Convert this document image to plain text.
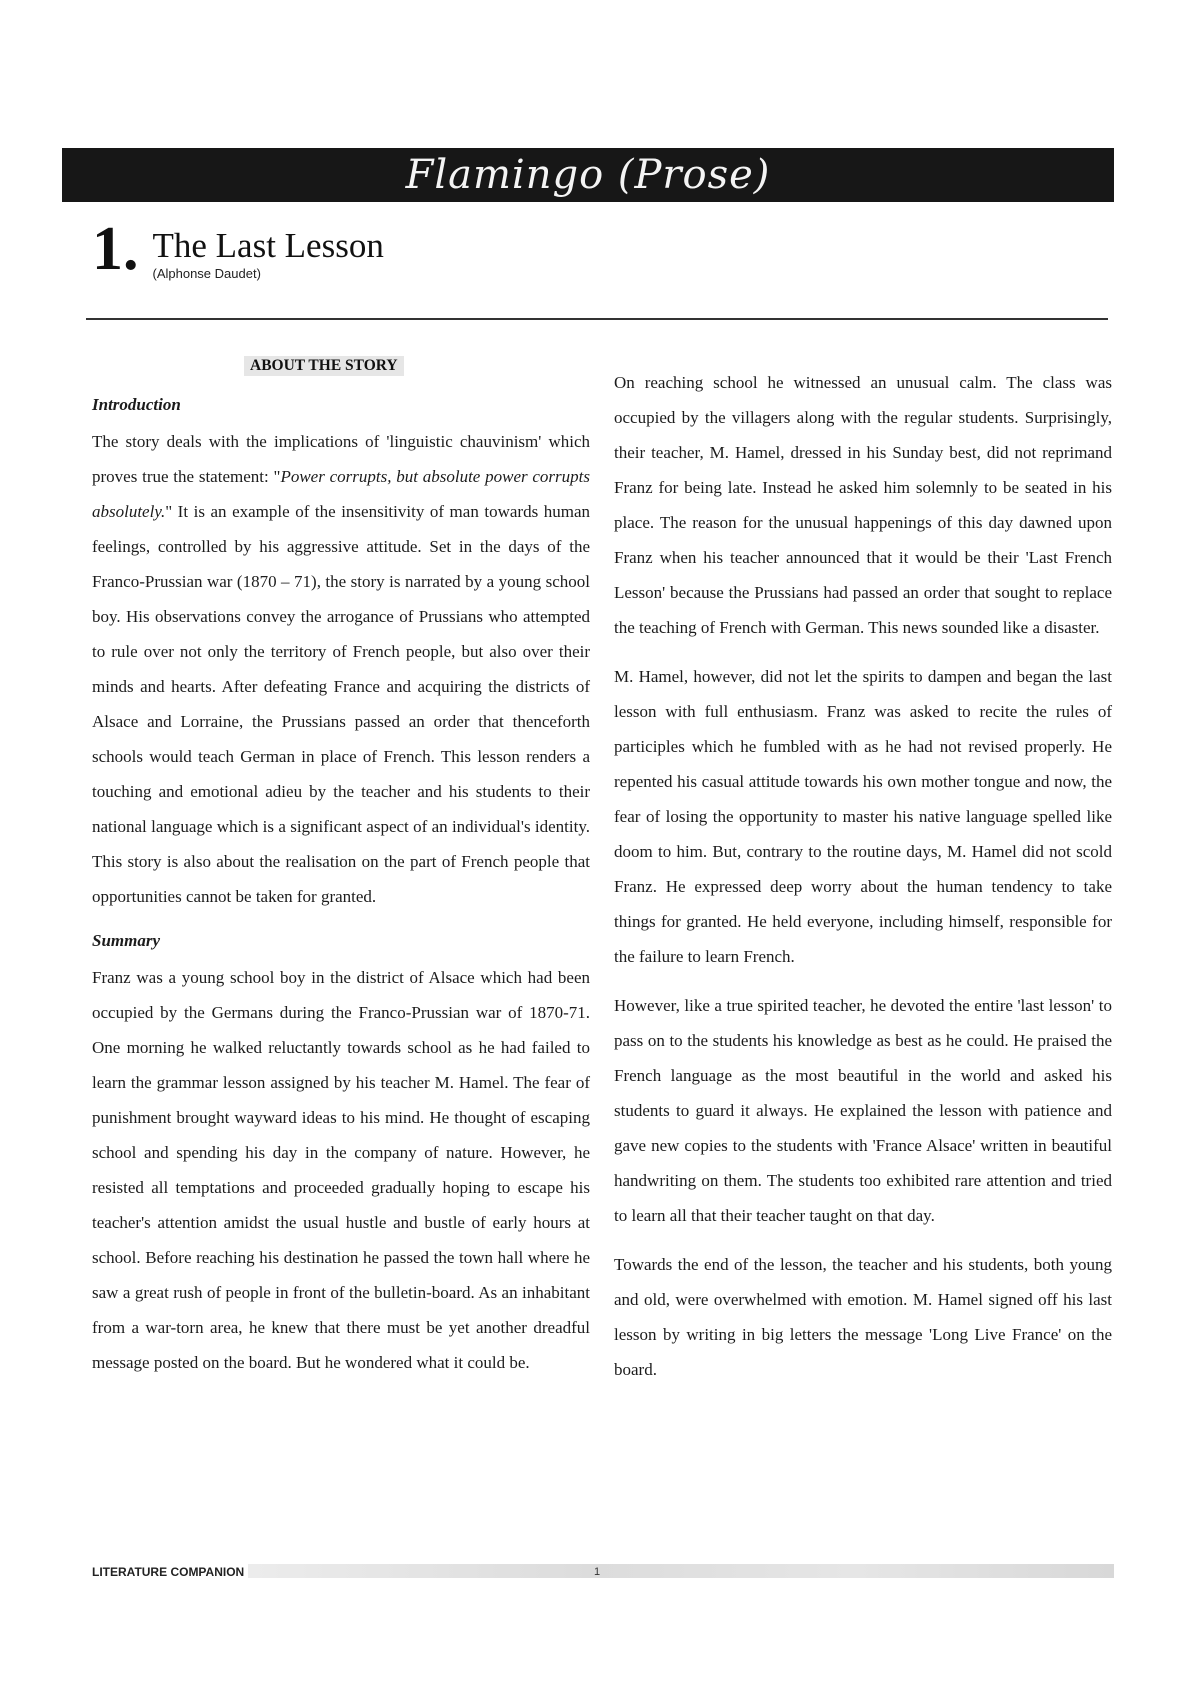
Flamingo (Prose)
1. The Last Lesson
(Alphonse Daudet)
ABOUT THE STORY
Introduction

The story deals with the implications of 'linguistic chauvinism' which proves true the statement: "Power corrupts, but absolute power corrupts absolutely." It is an example of the insensitivity of man towards human feelings, controlled by his aggressive attitude. Set in the days of the Franco-Prussian war (1870 – 71), the story is narrated by a young school boy. His observations convey the arrogance of Prussians who attempted to rule over not only the territory of French people, but also over their minds and hearts. After defeating France and acquiring the districts of Alsace and Lorraine, the Prussians passed an order that thenceforth schools would teach German in place of French. This lesson renders a touching and emotional adieu by the teacher and his students to their national language which is a significant aspect of an individual's identity. This story is also about the realisation on the part of French people that opportunities cannot be taken for granted.

Summary

Franz was a young school boy in the district of Alsace which had been occupied by the Germans during the Franco-Prussian war of 1870-71. One morning he walked reluctantly towards school as he had failed to learn the grammar lesson assigned by his teacher M. Hamel. The fear of punishment brought wayward ideas to his mind. He thought of escaping school and spending his day in the company of nature. However, he resisted all temptations and proceeded gradually hoping to escape his teacher's attention amidst the usual hustle and bustle of early hours at school. Before reaching his destination he passed the town hall where he saw a great rush of people in front of the bulletin-board. As an inhabitant from a war-torn area, he knew that there must be yet another dreadful message posted on the board. But he wondered what it could be.

On reaching school he witnessed an unusual calm. The class was occupied by the villagers along with the regular students. Surprisingly, their teacher, M. Hamel, dressed in his Sunday best, did not reprimand Franz for being late. Instead he asked him solemnly to be seated in his place. The reason for the unusual happenings of this day dawned upon Franz when his teacher announced that it would be their 'Last French Lesson' because the Prussians had passed an order that sought to replace the teaching of French with German. This news sounded like a disaster.

M. Hamel, however, did not let the spirits to dampen and began the last lesson with full enthusiasm. Franz was asked to recite the rules of participles which he fumbled with as he had not revised properly. He repented his casual attitude towards his own mother tongue and now, the fear of losing the opportunity to master his native language spelled like doom to him. But, contrary to the routine days, M. Hamel did not scold Franz. He expressed deep worry about the human tendency to take things for granted. He held everyone, including himself, responsible for the failure to learn French.

However, like a true spirited teacher, he devoted the entire 'last lesson' to pass on to the students his knowledge as best as he could. He praised the French language as the most beautiful in the world and asked his students to guard it always. He explained the lesson with patience and gave new copies to the students with 'France Alsace' written in beautiful handwriting on them. The students too exhibited rare attention and tried to learn all that their teacher taught on that day.

Towards the end of the lesson, the teacher and his students, both young and old, were overwhelmed with emotion. M. Hamel signed off his last lesson by writing in big letters the message 'Long Live France' on the board.

LITERATURE COMPANION	1
